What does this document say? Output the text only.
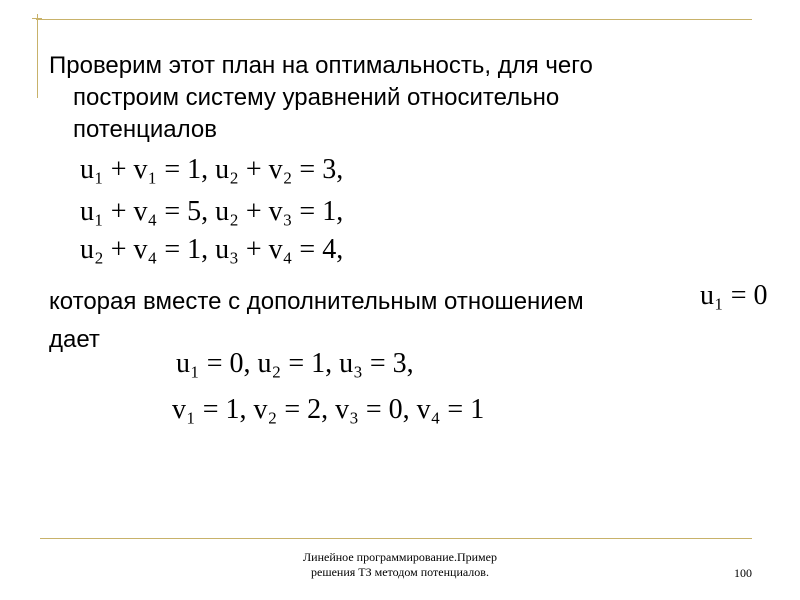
Проверим этот план на оптимальность, для чего
построим систему уравнений относительно
потенциалов
u₁ + v₁ = 1, u₂ + v₂ = 3,
u₁ + v₄ = 5, u₂ + v₃ = 1,
u₂ + v₄ = 1, u₃ + v₄ = 4,
которая вместе с дополнительным отношением	u₁ = 0
дает
u₁ = 0, u₂ = 1, u₃ = 3,
v₁ = 1, v₂ = 2, v₃ = 0, v₄ = 1
Линейное программирование.Пример
решения ТЗ методом потенциалов.	100
